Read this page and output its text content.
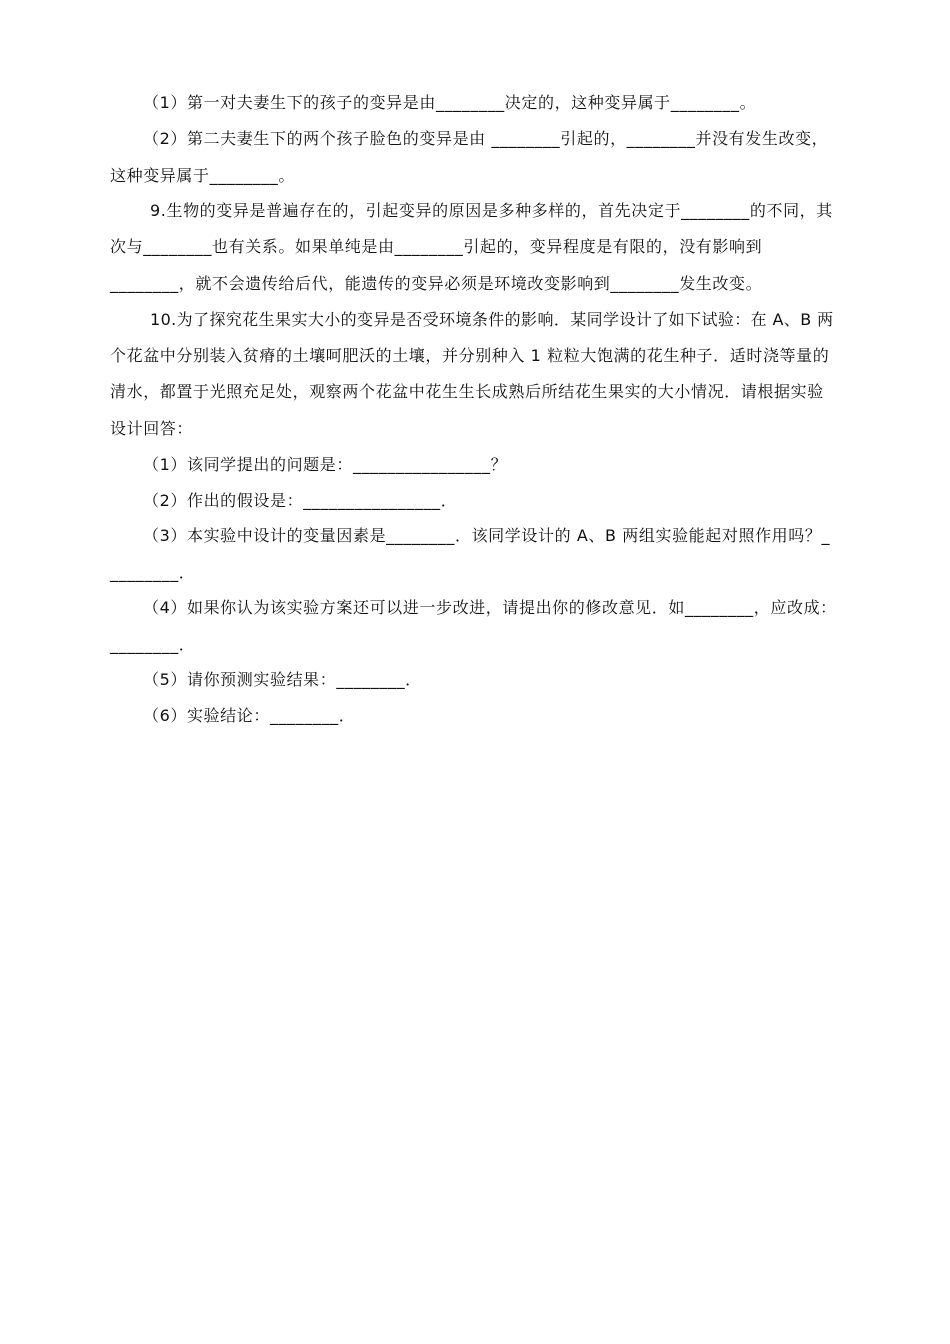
（1）第一对夫妻生下的孩子的变异是由________决定的，这种变异属于________。
（2）第二夫妻生下的两个孩子脸色的变异是由 ________引起的，________并没有发生改变，
这种变异属于________。
9.生物的变异是普遍存在的，引起变异的原因是多种多样的，首先决定于________的不同，其
次与________也有关系。如果单纯是由________引起的，变异程度是有限的，没有影响到
________，就不会遗传给后代，能遗传的变异必须是环境改变影响到________发生改变。
10.为了探究花生果实大小的变异是否受环境条件的影响．某同学设计了如下试验：在 A、B 两
个花盆中分别装入贫瘠的土壤呵肥沃的土壤，并分别种入 1 粒粒大饱满的花生种子．适时浇等量的
清水，都置于光照充足处，观察两个花盆中花生生长成熟后所结花生果实的大小情况．请根据实验
设计回答：
（1）该同学提出的问题是：________________？
（2）作出的假设是：________________．
（3）本实验中设计的变量因素是________．该同学设计的 A、B 两组实验能起对照作用吗？_
________．
（4）如果你认为该实验方案还可以进一步改进，请提出你的修改意见．如________，应改成：
________．
（5）请你预测实验结果：________．
（6）实验结论：________．
